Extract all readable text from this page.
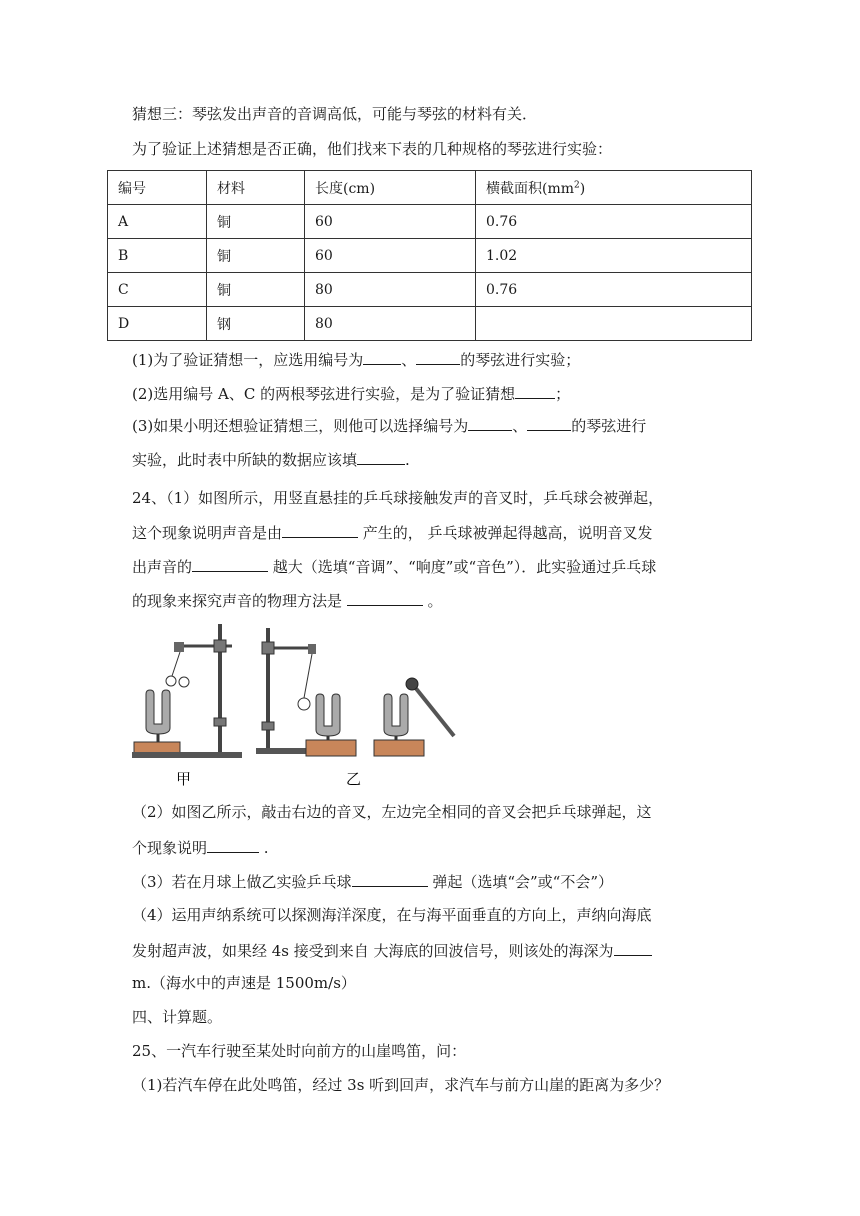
猜想三：琴弦发出声音的音调高低，可能与琴弦的材料有关．
为了验证上述猜想是否正确，他们找来下表的几种规格的琴弦进行实验：
编号	材料	长度(cm)	横截面积$(mm^2)$
A	铜	60	0.76
B	铜	60	1.02
C	铜	80	0.76
D	钢	80	
(1)为了验证猜想一，应选用编号为	、	的琴弦进行实验；
(2)选用编号 A、C 的两根琴弦进行实验，是为了验证猜想	；
(3)如果小明还想验证猜想三，则他可以选择编号为	、	的琴弦进行
实验，此时表中所缺的数据应该填	.
24、（1）如图所示，用竖直悬挂的乒乓球接触发声的音叉时，乒乓球会被弹起，
这个现象说明声音是由	产生的， 乒乓球被弹起得越高，说明音叉发
出声音的	越大（选填“音调”、“响度”或“音色”）．此实验通过乒乓球
的现象来探究声音的物理方法是	。
甲	乙
（2）如图乙所示，敲击右边的音叉，左边完全相同的音叉会把乒乓球弹起，这
个现象说明	.
（3）若在月球上做乙实验乒乓球	弹起（选填“会”或“不会”）
（4）运用声纳系统可以探测海洋深度，在与海平面垂直的方向上，声纳向海底
发射超声波，如果经 4s 接受到来自 大海底的回波信号，则该处的海深为
m.（海水中的声速是 1500m/s）
四、计算题。
25、一汽车行驶至某处时向前方的山崖鸣笛，问：
（1)若汽车停在此处鸣笛，经过 3s 听到回声，求汽车与前方山崖的距离为多少？
